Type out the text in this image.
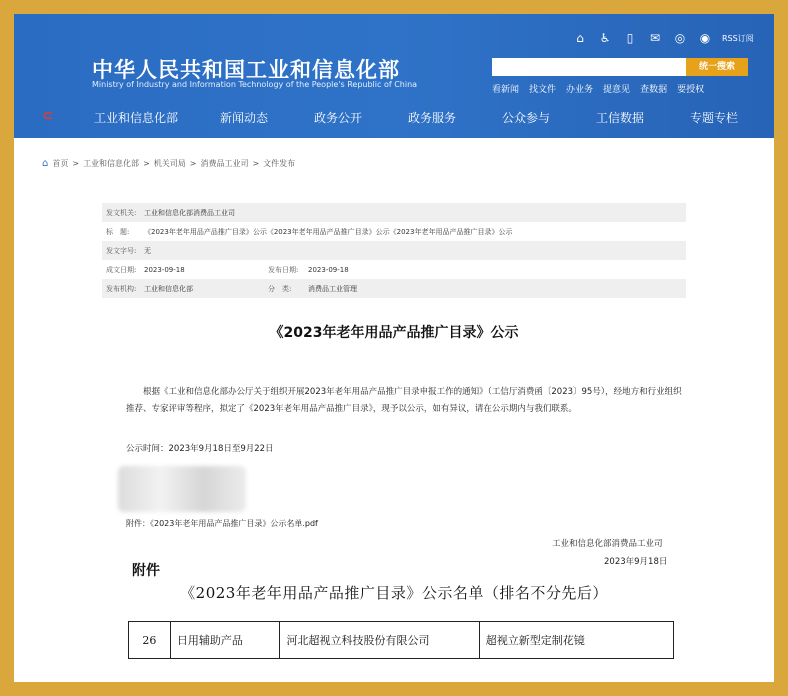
中华人民共和国工业和信息化部
Ministry of Industry and Information Technology of the People's Republic of China
⌂	♿	▯	✉ ◎ ◉	RSS订阅
统一搜索
看新闻 找文件 办业务 提意见 查数据 要授权
⊂	工业和信息化部	新闻动态	政务公开	政务服务	公众参与	工信数据	专题专栏
⌂ 首页 > 工业和信息化部 > 机关司局 > 消费品工业司 > 文件发布
发文机关:	工业和信息化部消费品工业司
标　题:	《2023年老年用品产品推广目录》公示《2023年老年用品产品推广目录》公示《2023年老年用品产品推广目录》公示
发文字号:	无
成文日期:	2023-09-18	发布日期:	2023-09-18
发布机构:	工业和信息化部	分　类:	消费品工业管理
《2023年老年用品产品推广目录》公示
根据《工业和信息化部办公厅关于组织开展2023年老年用品产品推广目录申报工作的通知》（工信厅消费函〔2023〕95号），经地方和行业组织推荐、专家评审等程序，拟定了《2023年老年用品产品推广目录》，现予以公示，如有异议，请在公示期内与我们联系。
公示时间：2023年9月18日至9月22日
附件：《2023年老年用品产品推广目录》公示名单.pdf
工业和信息化部消费品工业司
2023年9月18日
附件
《2023年老年用品产品推广目录》公示名单（排名不分先后）
26	日用辅助产品	河北超视立科技股份有限公司	超视立新型定制花镜
